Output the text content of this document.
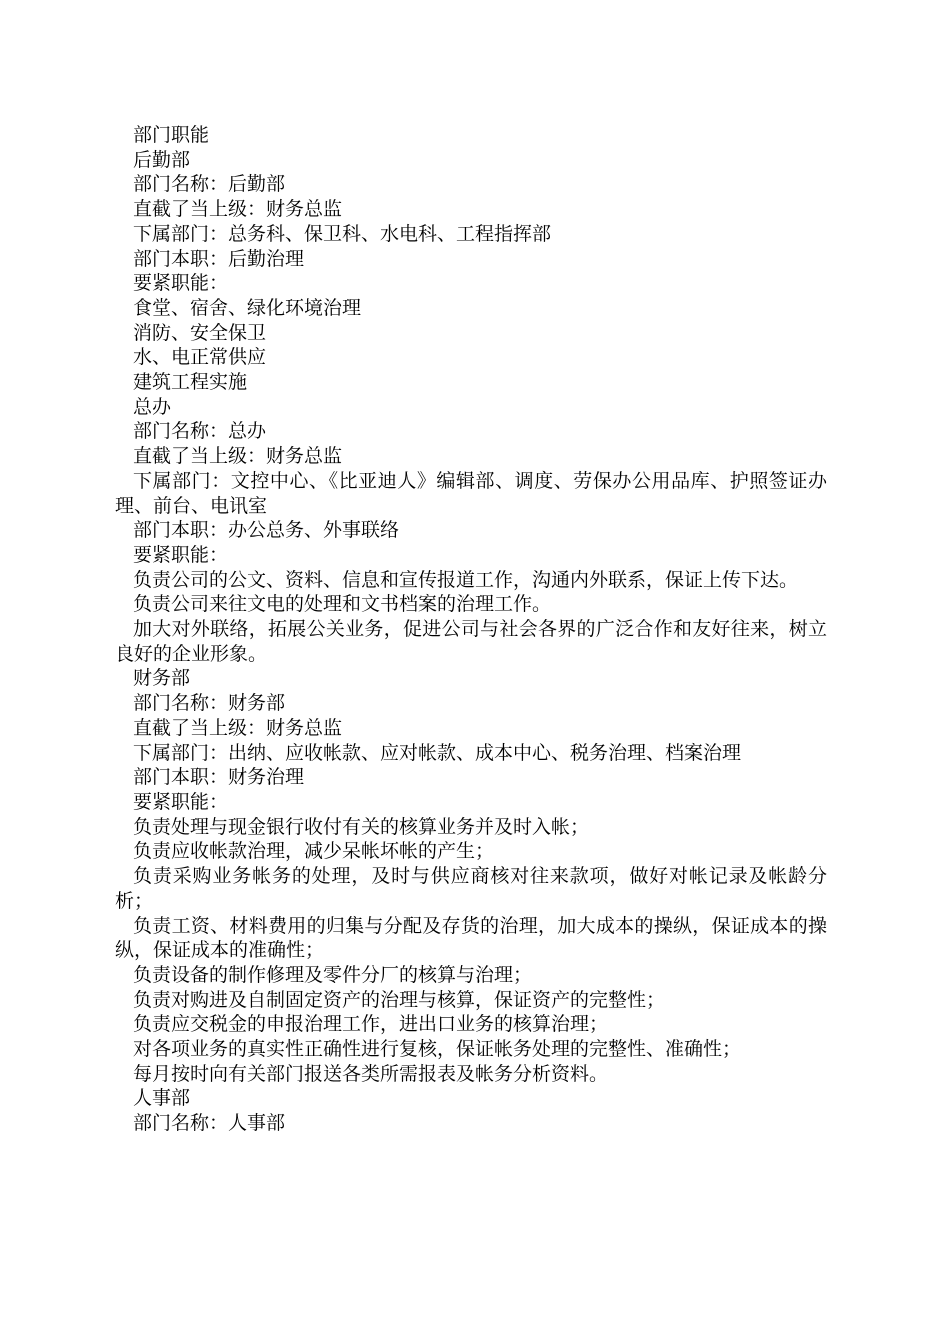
部门职能

后勤部

部门名称：后勤部

直截了当上级：财务总监

下属部门：总务科、保卫科、水电科、工程指挥部

部门本职：后勤治理

要紧职能：

食堂、宿舍、绿化环境治理

消防、安全保卫

水、电正常供应

建筑工程实施

总办

部门名称：总办

直截了当上级：财务总监

下属部门：文控中心、《比亚迪人》编辑部、调度、劳保办公用品库、护照签证办理、前台、电讯室

部门本职：办公总务、外事联络

要紧职能：

负责公司的公文、资料、信息和宣传报道工作，沟通内外联系，保证上传下达。

负责公司来往文电的处理和文书档案的治理工作。

加大对外联络，拓展公关业务，促进公司与社会各界的广泛合作和友好往来，树立良好的企业形象。

财务部

部门名称：财务部

直截了当上级：财务总监

下属部门：出纳、应收帐款、应对帐款、成本中心、税务治理、档案治理

部门本职：财务治理

要紧职能：

负责处理与现金银行收付有关的核算业务并及时入帐；

负责应收帐款治理，减少呆帐坏帐的产生；

负责采购业务帐务的处理，及时与供应商核对往来款项，做好对帐记录及帐龄分析；

负责工资、材料费用的归集与分配及存货的治理，加大成本的操纵，保证成本的操纵，保证成本的准确性；

负责设备的制作修理及零件分厂的核算与治理；

负责对购进及自制固定资产的治理与核算，保证资产的完整性；

负责应交税金的申报治理工作，进出口业务的核算治理；

对各项业务的真实性正确性进行复核，保证帐务处理的完整性、准确性；

每月按时向有关部门报送各类所需报表及帐务分析资料。

人事部

部门名称：人事部
